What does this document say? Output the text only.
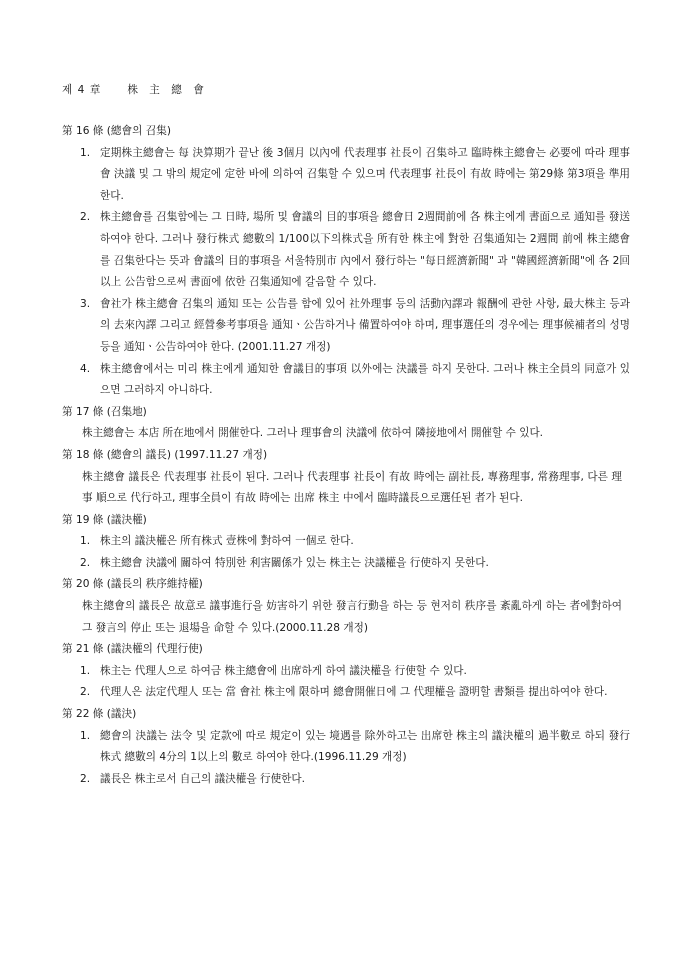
제 4 章 株 主 總 會
第 16 條 (總會의 召集)
1. 定期株主總會는 每 決算期가 끝난 後 3個月 以內에 代表理事 社長이 召集하고 臨時株主總會는 必要에 따라 理事會 決議 및 그 밖의 規定에 定한 바에 의하여 召集할 수 있으며 代表理事 社長이 有故 時에는 第29條 第3項을 準用한다.
2. 株主總會를 召集함에는 그 日時, 場所 및 會議의 目的事項을 總會日 2週間前에 各 株主에게 書面으로 通知를 發送하여야 한다. 그러나 發行株式 總數의 1/100以下의株式을 所有한 株主에 對한 召集通知는 2週間 前에 株主總會를 召集한다는 뜻과 會議의 目的事項을 서울特別市 內에서 發行하는 "每日經濟新聞" 과 "韓國經濟新聞"에 各 2回 以上 公告함으로써 書面에 依한 召集通知에 갈음할 수 있다.
3. 會社가 株主總會 召集의 通知 또는 公告를 함에 있어 社外理事 등의 活動內譯과 報酬에 관한 사항, 最大株主 등과의 去來內譯 그리고 經營參考事項을 通知ㆍ公告하거나 備置하여야 하며, 理事選任의 경우에는 理事候補者의 성명 등을 通知ㆍ公告하여야 한다. (2001.11.27 개정)
4. 株主總會에서는 미리 株主에게 通知한 會議目的事項 以外에는 決議를 하지 못한다. 그러나 株主全員의 同意가 있으면 그러하지 아니하다.
第 17 條 (召集地)
株主總會는 本店 所在地에서 開催한다. 그러나 理事會의 決議에 依하여 隣接地에서 開催할 수 있다.
第 18 條 (總會의 議長) (1997.11.27 개정)
株主總會 議長은 代表理事 社長이 된다. 그러나 代表理事 社長이 有故 時에는 副社長, 專務理事, 常務理事, 다른 理事 順으로 代行하고, 理事全員이 有故 時에는 出席 株主 中에서 臨時議長으로選任된 者가 된다.
第 19 條 (議決權)
1. 株主의 議決權은 所有株式 壹株에 對하여 一個로 한다.
2. 株主總會 決議에 關하여 特別한 利害關係가 있는 株主는 決議權을 行使하지 못한다.
第 20 條 (議長의 秩序維持權)
株主總會의 議長은 故意로 議事進行을 妨害하기 위한 發言行動을 하는 등 현저히 秩序를 紊亂하게 하는 者에對하여 그 發言의 停止 또는 退場을 命할 수 있다.(2000.11.28 개정)
第 21 條 (議決權의 代理行使)
1. 株主는 代理人으로 하여금 株主總會에 出席하게 하여 議決權을 行使할 수 있다.
2. 代理人은 法定代理人 또는 當 會社 株主에 限하며 總會開催日에 그 代理權을 證明할 書類를 提出하여야 한다.
第 22 條 (議決)
1. 總會의 決議는 法令 및 定款에 따로 規定이 있는 境遇를 除外하고는 出席한 株主의 議決權의 過半數로 하되 發行株式 總數의 4分의 1以上의 數로 하여야 한다.(1996.11.29 개정)
2. 議長은 株主로서 自己의 議決權을 行使한다.
